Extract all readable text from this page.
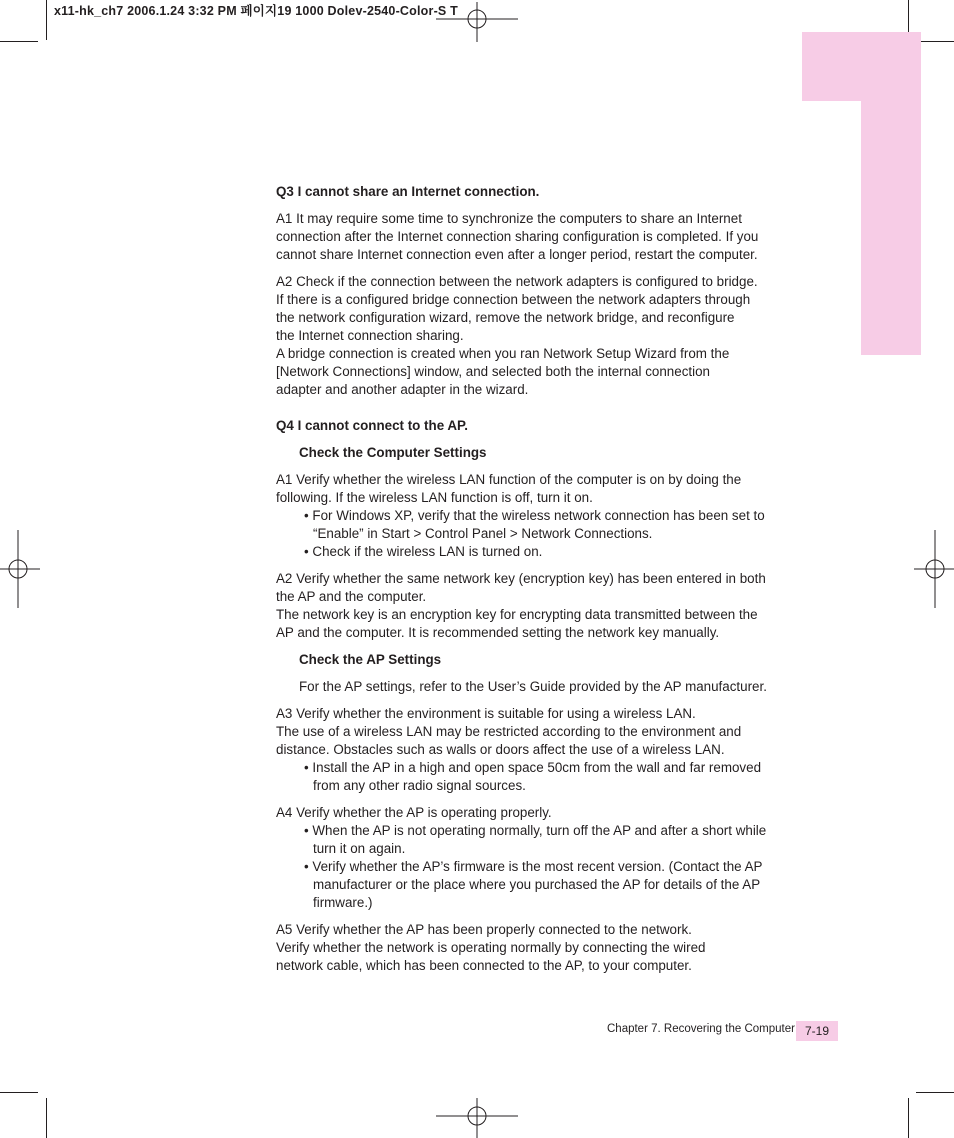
x11-hk_ch7 2006.1.24 3:32 PM 페이지19 1000 Dolev-2540-Color-S T
Q3 I cannot share an Internet connection.
A1 It may require some time to synchronize the computers to share an Internet
connection after the Internet connection sharing configuration is completed. If you
cannot share Internet connection even after a longer period, restart the computer.
A2 Check if the connection between the network adapters is configured to bridge.
If there is a configured bridge connection between the network adapters through
the network configuration wizard, remove the network bridge, and reconfigure
the Internet connection sharing.
A bridge connection is created when you ran Network Setup Wizard from the
[Network Connections] window, and selected both the internal connection
adapter and another adapter in the wizard.
Q4 I cannot connect to the AP.
Check the Computer Settings
A1 Verify whether the wireless LAN function of the computer is on by doing the
following. If the wireless LAN function is off, turn it on.
• For Windows XP, verify that the wireless network connection has been set to
“Enable” in Start > Control Panel > Network Connections.
• Check if the wireless LAN is turned on.
A2 Verify whether the same network key (encryption key) has been entered in both
the AP and the computer.
The network key is an encryption key for encrypting data transmitted between the
AP and the computer. It is recommended setting the network key manually.
Check the AP Settings
For the AP settings, refer to the User’s Guide provided by the AP manufacturer.
A3 Verify whether the environment is suitable for using a wireless LAN.
The use of a wireless LAN may be restricted according to the environment and
distance. Obstacles such as walls or doors affect the use of a wireless LAN.
• Install the AP in a high and open space 50cm from the wall and far removed
from any other radio signal sources.
A4 Verify whether the AP is operating properly.
• When the AP is not operating normally, turn off the AP and after a short while
turn it on again.
• Verify whether the AP’s firmware is the most recent version. (Contact the AP
manufacturer or the place where you purchased the AP for details of the AP
firmware.)
A5 Verify whether the AP has been properly connected to the network.
Verify whether the network is operating normally by connecting the wired
network cable, which has been connected to the AP, to your computer.
Chapter 7. Recovering the Computer 7-19
